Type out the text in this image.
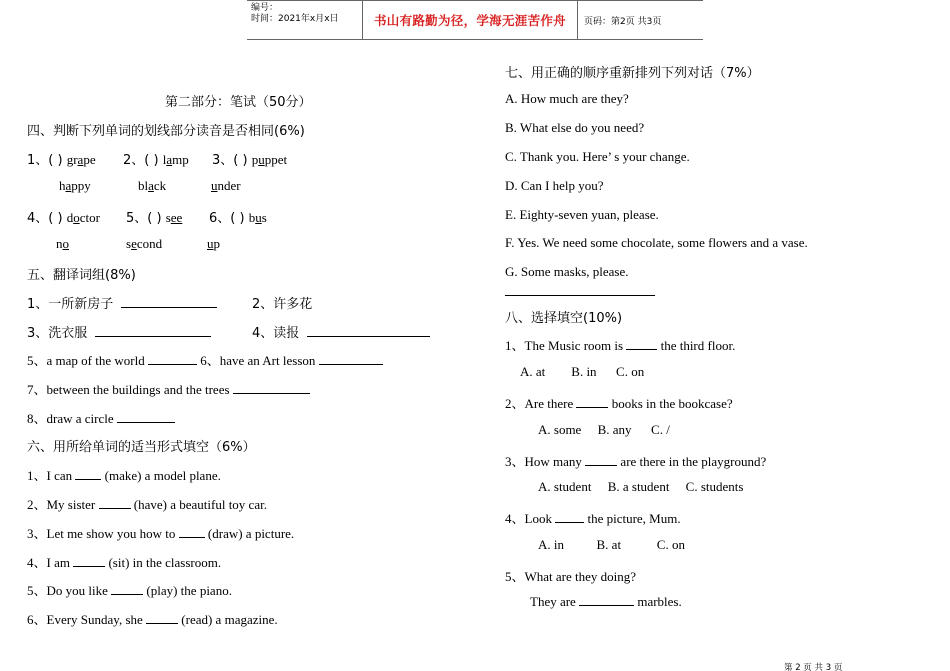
编号：
时间：2021年x月x日	书山有路勤为径，学海无涯苦作舟	页码：第2页 共3页
第二部分：笔试（50分）
四、判断下列单词的划线部分读音是否相同(6%)
1、( ) grape 2、( ) lamp 3、( ) puppet
happy	black	under
4、( ) doctor 5、( ) see 6、( ) bus
no	second	up
五、翻译词组(8%)
1、一所新房子	2、许多花
3、洗衣服	4、读报
5、a map of the world	6、have an Art lesson
7、between the buildings and the trees
8、draw a circle
六、用所给单词的适当形式填空（6%）
1、I can  (make) a model plane.
2、My sister  (have) a beautiful toy car.
3、Let me show you how to  (draw) a picture.
4、I am  (sit) in the classroom.
5、Do you like  (play) the piano.
6、Every Sunday, she  (read) a magazine.
七、用正确的顺序重新排列下列对话（7%）
A. How much are they?
B. What else do you need?
C. Thank you. Here’ s your change.
D. Can I help you?
E. Eighty-seven yuan, please.
F. Yes. We need some chocolate, some flowers and a vase.
G. Some masks, please.
八、选择填空(10%)
1、The Music room is  the third floor.
A. at        B. in      C. on
2、Are there  books in the bookcase?
A. some     B. any      C. /
3、How many  are there in the playground?
A. student     B. a student     C. students
4、Look  the picture, Mum.
A. in          B. at           C. on
5、What are they doing?
They are	marbles.
第 2 页 共 3 页
